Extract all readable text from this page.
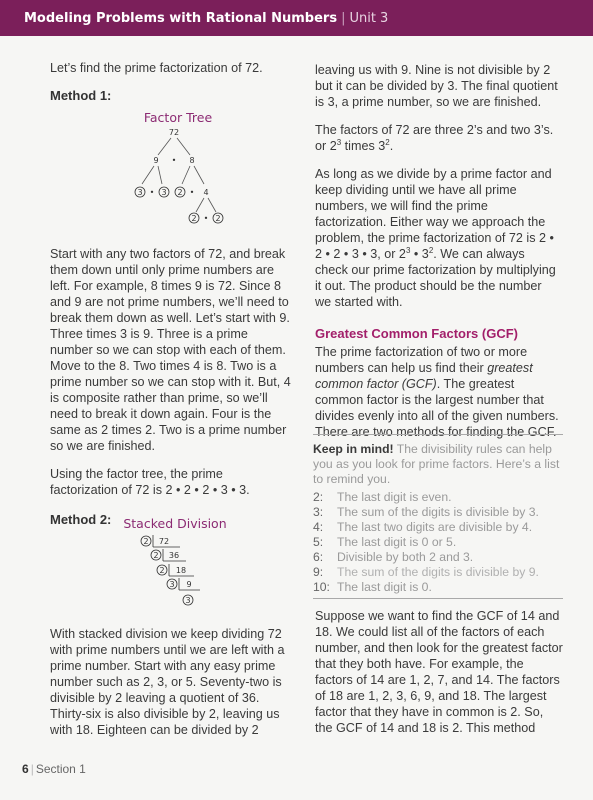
Modeling Problems with Rational Numbers | Unit 3

Let’s find the prime factorization of 72.

Method 1:
Factor Tree
72
9 • 8
3 • 3 2 • 4
2 • 2

Start with any two factors of 72, and break them down until only prime numbers are left. For example, 8 times 9 is 72. Since 8 and 9 are not prime numbers, we’ll need to break them down as well. Let’s start with 9. Three times 3 is 9. Three is a prime number so we can stop with each of them. Move to the 8. Two times 4 is 8. Two is a prime number so we can stop with it. But, 4 is composite rather than prime, so we’ll need to break it down again. Four is the same as 2 times 2. Two is a prime number so we are finished.

Using the factor tree, the prime factorization of 72 is 2 • 2 • 2 • 3 • 3.

Method 2: Stacked Division
2 72
2 36
2 18
3 9
3

With stacked division we keep dividing 72 with prime numbers until we are left with a prime number. Start with any easy prime number such as 2, 3, or 5. Seventy-two is divisible by 2 leaving a quotient of 36. Thirty-six is also divisible by 2, leaving us with 18. Eighteen can be divided by 2

leaving us with 9. Nine is not divisible by 2 but it can be divided by 3. The final quotient is 3, a prime number, so we are finished.

The factors of 72 are three 2’s and two 3’s. or $2^3$ times $3^2$.

As long as we divide by a prime factor and keep dividing until we have all prime numbers, we will find the prime factorization. Either way we approach the problem, the prime factorization of 72 is 2 • 2 • 2 • 3 • 3, or $2^3$ • $3^2$. We can always check our prime factorization by multiplying it out. The product should be the number we started with.

Greatest Common Factors (GCF)

The prime factorization of two or more numbers can help us find their greatest common factor (GCF). The greatest common factor is the largest number that divides evenly into all of the given numbers. There are two methods for finding the GCF.

Keep in mind! The divisibility rules can help you as you look for prime factors. Here’s a list to remind you.

2: The last digit is even.
3: The sum of the digits is divisible by 3.
4: The last two digits are divisible by 4.
5: The last digit is 0 or 5.
6: Divisible by both 2 and 3.
9: The sum of the digits is divisible by 9.
10: The last digit is 0.

Suppose we want to find the GCF of 14 and 18. We could list all of the factors of each number, and then look for the greatest factor that they both have. For example, the factors of 14 are 1, 2, 7, and 14. The factors of 18 are 1, 2, 3, 6, 9, and 18. The largest factor that they have in common is 2. So, the GCF of 14 and 18 is 2. This method

6 | Section 1
